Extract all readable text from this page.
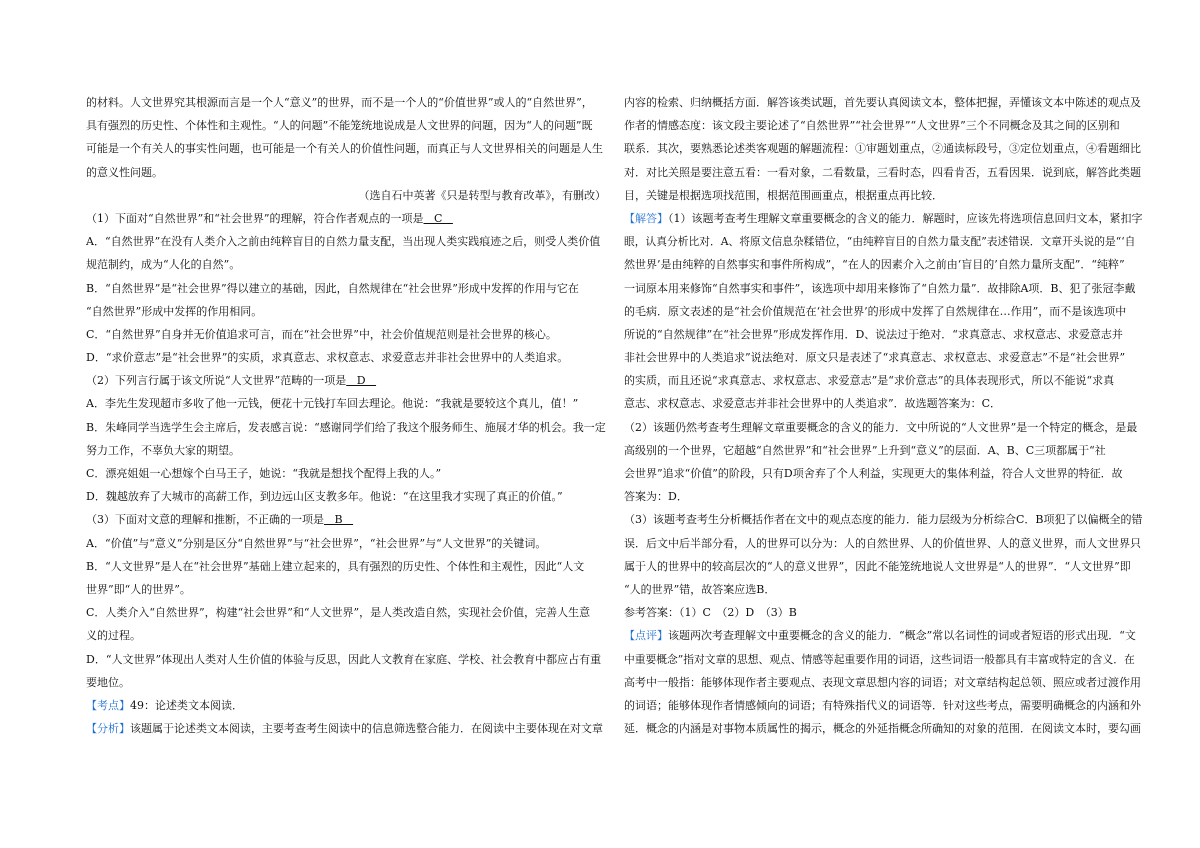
的材料。人文世界究其根源而言是一个人“意义”的世界，而不是一个人的“价值世界”或人的“自然世界”，
具有强烈的历史性、个体性和主观性。“人的问题”不能笼统地说成是人文世界的问题，因为“人的问题”既
可能是一个有关人的事实性问题，也可能是一个有关人的价值性问题，而真正与人文世界相关的问题是人生
的意义性问题。
（选自石中英著《只是转型与教育改革》，有删改）
（1）下面对“自然世界”和“社会世界”的理解，符合作者观点的一项是   C
A．“自然世界”在没有人类介入之前由纯粹盲目的自然力量支配，当出现人类实践痕迹之后，则受人类价值
规范制约，成为“人化的自然”。
B．“自然世界”是“社会世界”得以建立的基础，因此，自然规律在“社会世界”形成中发挥的作用与它在
“自然世界”形成中发挥的作用相同。
C．“自然世界”自身并无价值追求可言，而在“社会世界”中，社会价值规范则是社会世界的核心。
D．“求价意志”是“社会世界”的实质，求真意志、求权意志、求爱意志并非社会世界中的人类追求。
（2）下列言行属于该文所说“人文世界”范畴的一项是   D
A．李先生发现超市多收了他一元钱，便花十元钱打车回去理论。他说：“我就是要较这个真儿，值！”
B．朱峰同学当选学生会主席后，发表感言说：“感谢同学们给了我这个服务师生、施展才华的机会。我一定
努力工作，不辜负大家的期望。
C．漂亮姐姐一心想嫁个白马王子，她说：“我就是想找个配得上我的人。”
D．魏越放弃了大城市的高薪工作，到边远山区支教多年。他说：“在这里我才实现了真正的价值。”
（3）下面对文意的理解和推断，不正确的一项是   B
A．“价值”与“意义”分别是区分“自然世界”与“社会世界”，“社会世界”与“人文世界”的关键词。
B．“人文世界”是人在“社会世界”基础上建立起来的，具有强烈的历史性、个体性和主观性，因此“人文
世界”即“人的世界”。
C．人类介入“自然世界”，构建“社会世界”和“人文世界”，是人类改造自然，实现社会价值，完善人生意
义的过程。
D．“人文世界”体现出人类对人生价值的体验与反思，因此人文教育在家庭、学校、社会教育中都应占有重
要地位。
【考点】49：论述类文本阅读．
【分析】该题属于论述类文本阅读，主要考查考生阅读中的信息筛选整合能力．在阅读中主要体现在对文章
内容的检索、归纳概括方面．解答该类试题，首先要认真阅读文本，整体把握，弄懂该文本中陈述的观点及
作者的情感态度：该文段主要论述了“自然世界”“社会世界”“人文世界”三个不同概念及其之间的区别和
联系．其次，要熟悉论述类客观题的解题流程：①审题划重点，②通读标段号，③定位划重点，④看题细比
对．对比关照是要注意五看：一看对象，二看数量，三看时态，四看肯否，五看因果．说到底，解答此类题
目，关键是根据选项找范围，根据范围画重点，根据重点再比较．
【解答】（1）该题考查考生理解文章重要概念的含义的能力．解题时，应该先将选项信息回归文本，紧扣字
眼，认真分析比对．A、将原文信息杂糅错位，“由纯粹盲目的自然力量支配”表述错误．文章开头说的是“‘自
然世界’是由纯粹的自然事实和事件所构成”，“在人的因素介入之前由‘盲目的’自然力量所支配”．“纯粹”
一词原本用来修饰“自然事实和事件”，该选项中却用来修饰了“自然力量”．故排除A项．B、犯了张冠李戴
的毛病．原文表述的是“社会价值规范在‘社会世界’的形成中发挥了自然规律在…作用”，而不是该选项中
所说的“自然规律”在“社会世界”形成发挥作用．D、说法过于绝对．“求真意志、求权意志、求爱意志并
非社会世界中的人类追求”说法绝对．原文只是表述了“求真意志、求权意志、求爱意志”不是“社会世界”
的实质，而且还说“求真意志、求权意志、求爱意志”是“求价意志”的具体表现形式，所以不能说“求真
意志、求权意志、求爱意志并非社会世界中的人类追求”．故选题答案为：C．
（2）该题仍然考查考生理解文章重要概念的含义的能力．文中所说的“人文世界”是一个特定的概念，是最
高级别的一个世界，它超越“自然世界”和“社会世界”上升到“意义”的层面．A、B、C三项都属于“社
会世界”追求“价值”的阶段，只有D项舍弃了个人利益，实现更大的集体利益，符合人文世界的特征．故
答案为：D．
（3）该题考查考生分析概括作者在文中的观点态度的能力．能力层级为分析综合C．B项犯了以偏概全的错
误．后文中后半部分看，人的世界可以分为：人的自然世界、人的价值世界、人的意义世界，而人文世界只
属于人的世界中的较高层次的“人的意义世界”，因此不能笼统地说人文世界是“人的世界”．“人文世界”即
“人的世界”错，故答案应选B．
参考答案：（1）C　（2）D　（3）B
【点评】该题两次考查理解文中重要概念的含义的能力．“概念”常以名词性的词或者短语的形式出现．“文
中重要概念”指对文章的思想、观点、情感等起重要作用的词语，这些词语一般都具有丰富或特定的含义．在
高考中一般指：能够体现作者主要观点、表现文章思想内容的词语；对文章结构起总领、照应或者过渡作用
的词语；能够体现作者情感倾向的词语；有特殊指代义的词语等．针对这些考点，需要明确概念的内涵和外
延．概念的内涵是对事物本质属性的揭示，概念的外延指概念所确知的对象的范围．在阅读文本时，要勾画
